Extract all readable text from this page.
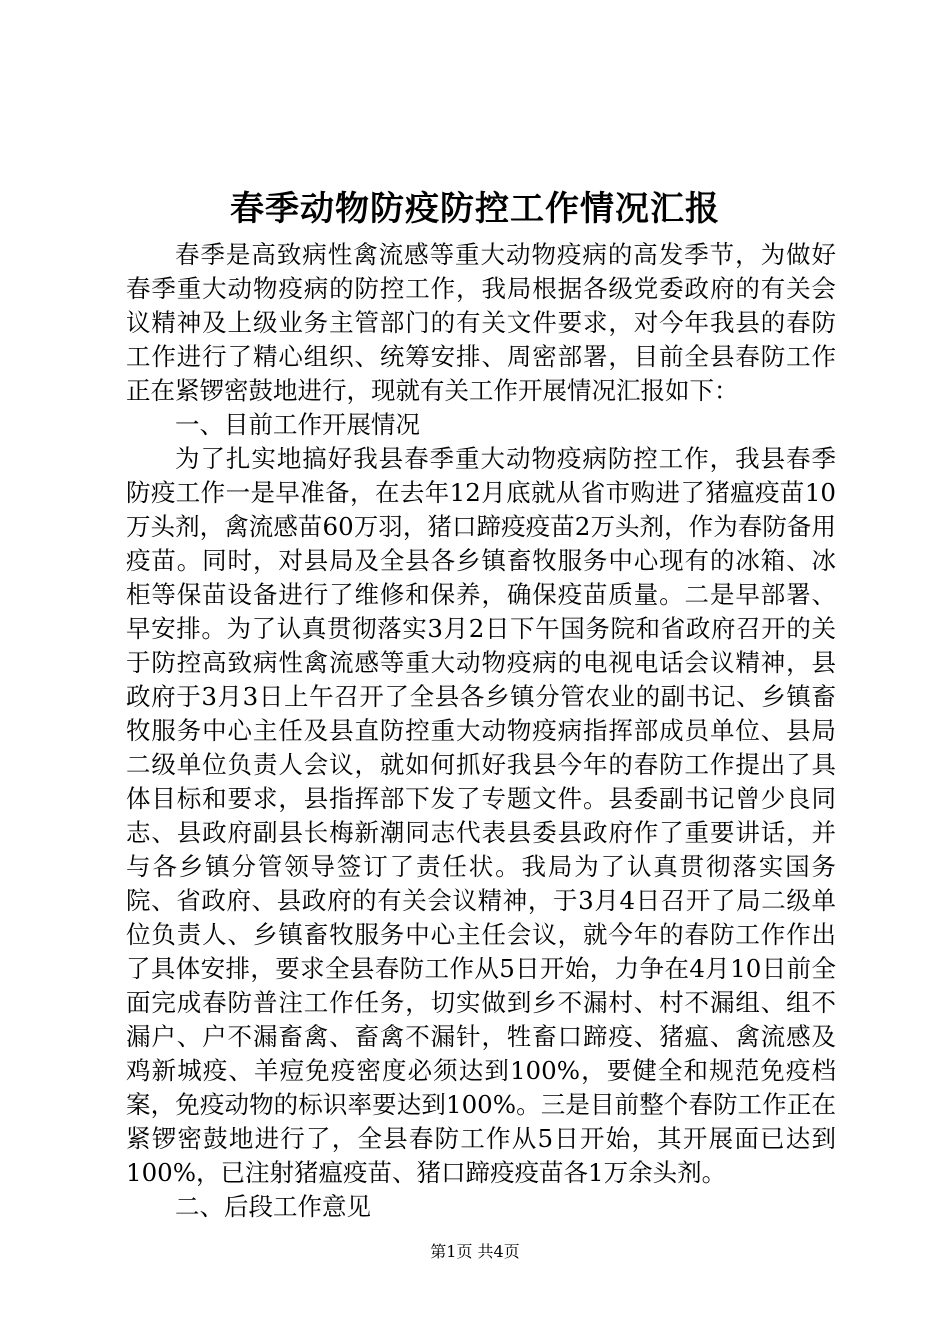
春季动物防疫防控工作情况汇报

春季是高致病性禽流感等重大动物疫病的高发季节，为做好春季重大动物疫病的防控工作，我局根据各级党委政府的有关会议精神及上级业务主管部门的有关文件要求，对今年我县的春防工作进行了精心组织、统筹安排、周密部署，目前全县春防工作正在紧锣密鼓地进行，现就有关工作开展情况汇报如下：

一、目前工作开展情况

为了扎实地搞好我县春季重大动物疫病防控工作，我县春季防疫工作一是早准备，在去年12月底就从省市购进了猪瘟疫苗10万头剂，禽流感苗60万羽，猪口蹄疫疫苗2万头剂，作为春防备用疫苗。同时，对县局及全县各乡镇畜牧服务中心现有的冰箱、冰柜等保苗设备进行了维修和保养，确保疫苗质量。二是早部署、早安排。为了认真贯彻落实3月2日下午国务院和省政府召开的关于防控高致病性禽流感等重大动物疫病的电视电话会议精神，县政府于3月3日上午召开了全县各乡镇分管农业的副书记、乡镇畜牧服务中心主任及县直防控重大动物疫病指挥部成员单位、县局二级单位负责人会议，就如何抓好我县今年的春防工作提出了具体目标和要求，县指挥部下发了专题文件。县委副书记曾少良同志、县政府副县长梅新潮同志代表县委县政府作了重要讲话，并与各乡镇分管领导签订了责任状。我局为了认真贯彻落实国务院、省政府、县政府的有关会议精神，于3月4日召开了局二级单位负责人、乡镇畜牧服务中心主任会议，就今年的春防工作作出了具体安排，要求全县春防工作从5日开始，力争在4月10日前全面完成春防普注工作任务，切实做到乡不漏村、村不漏组、组不漏户、户不漏畜禽、畜禽不漏针，牲畜口蹄疫、猪瘟、禽流感及鸡新城疫、羊痘免疫密度必须达到100%，要健全和规范免疫档案，免疫动物的标识率要达到100%。三是目前整个春防工作正在紧锣密鼓地进行了，全县春防工作从5日开始，其开展面已达到100%，已注射猪瘟疫苗、猪口蹄疫疫苗各1万余头剂。

二、后段工作意见

第1页 共4页
